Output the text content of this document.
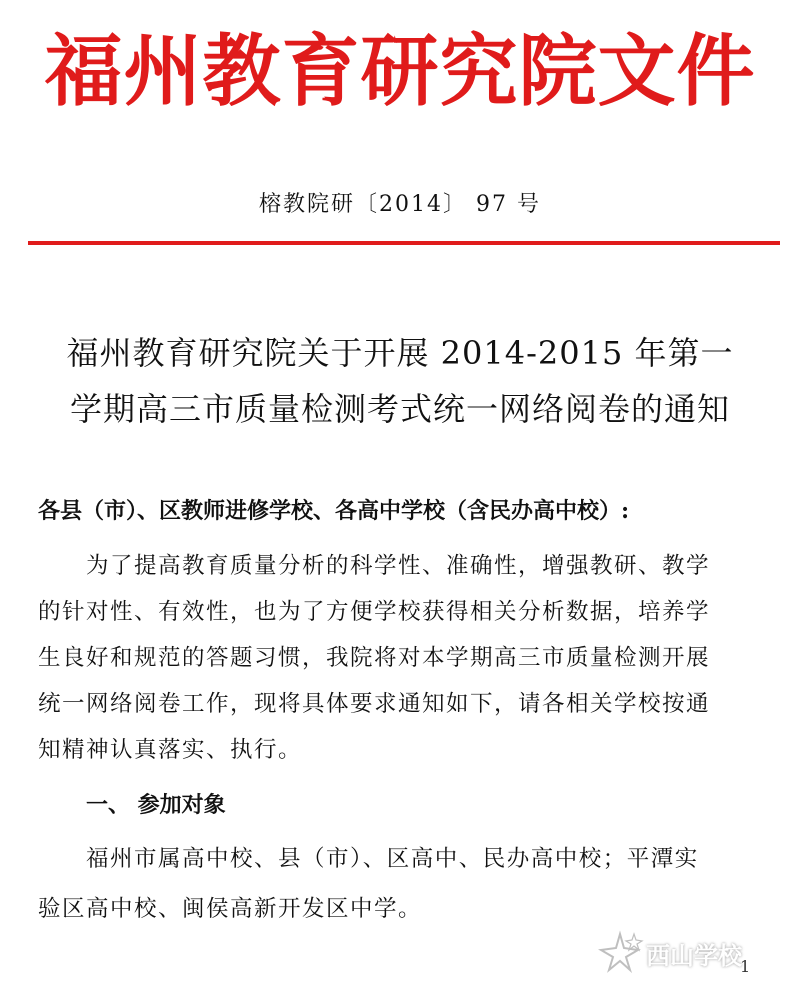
福州教育研究院文件
榕教院研〔2014〕 97 号
福州教育研究院关于开展 2014-2015 年第一
学期高三市质量检测考式统一网络阅卷的通知
各县（市）、区教师进修学校、各高中学校（含民办高中校）:
为了提高教育质量分析的科学性、准确性，增强教研、教学
的针对性、有效性，也为了方便学校获得相关分析数据，培养学
生良好和规范的答题习惯，我院将对本学期高三市质量检测开展
统一网络阅卷工作，现将具体要求通知如下，请各相关学校按通
知精神认真落实、执行。
一、 参加对象
福州市属高中校、县（市）、区高中、民办高中校；平潭实
验区高中校、闽侯高新开发区中学。
西山学校
1
